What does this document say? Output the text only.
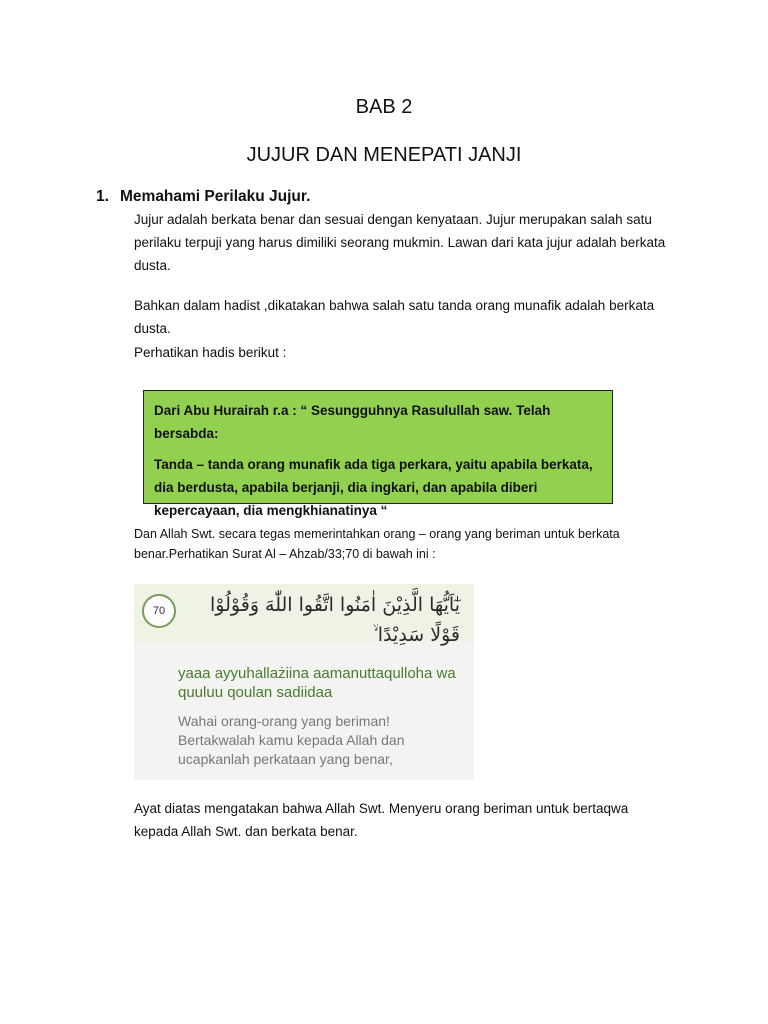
BAB 2
JUJUR DAN MENEPATI JANJI
1. Memahami Perilaku Jujur.
Jujur adalah berkata benar dan sesuai dengan kenyataan. Jujur merupakan salah satu perilaku terpuji yang harus dimiliki seorang mukmin. Lawan dari kata jujur adalah berkata dusta.
Bahkan dalam hadist ,dikatakan bahwa salah satu tanda orang munafik adalah berkata dusta.
Perhatikan hadis berikut :
Dari Abu Hurairah r.a : “ Sesungguhnya Rasulullah saw. Telah bersabda:
Tanda – tanda orang munafik ada tiga perkara, yaitu apabila berkata, dia berdusta, apabila berjanji, dia ingkari, dan apabila diberi kepercayaan, dia mengkhianatinya “
Dan Allah Swt. secara tegas memerintahkan orang – orang yang beriman untuk berkata benar.Perhatikan Surat Al – Ahzab/33;70 di bawah ini :
70	يٰٓاَيُّهَا الَّذِيْنَ اٰمَنُوا اتَّقُوا اللّٰهَ وَقُوْلُوْا قَوْلًا سَدِيْدًا ۙ
yaaa ayyuhallażiina aamanuttaqulloha wa quuluu qoulan sadiidaa
Wahai orang-orang yang beriman! Bertakwalah kamu kepada Allah dan ucapkanlah perkataan yang benar,
Ayat diatas mengatakan bahwa Allah Swt. Menyeru orang beriman untuk bertaqwa kepada Allah Swt. dan berkata benar.
